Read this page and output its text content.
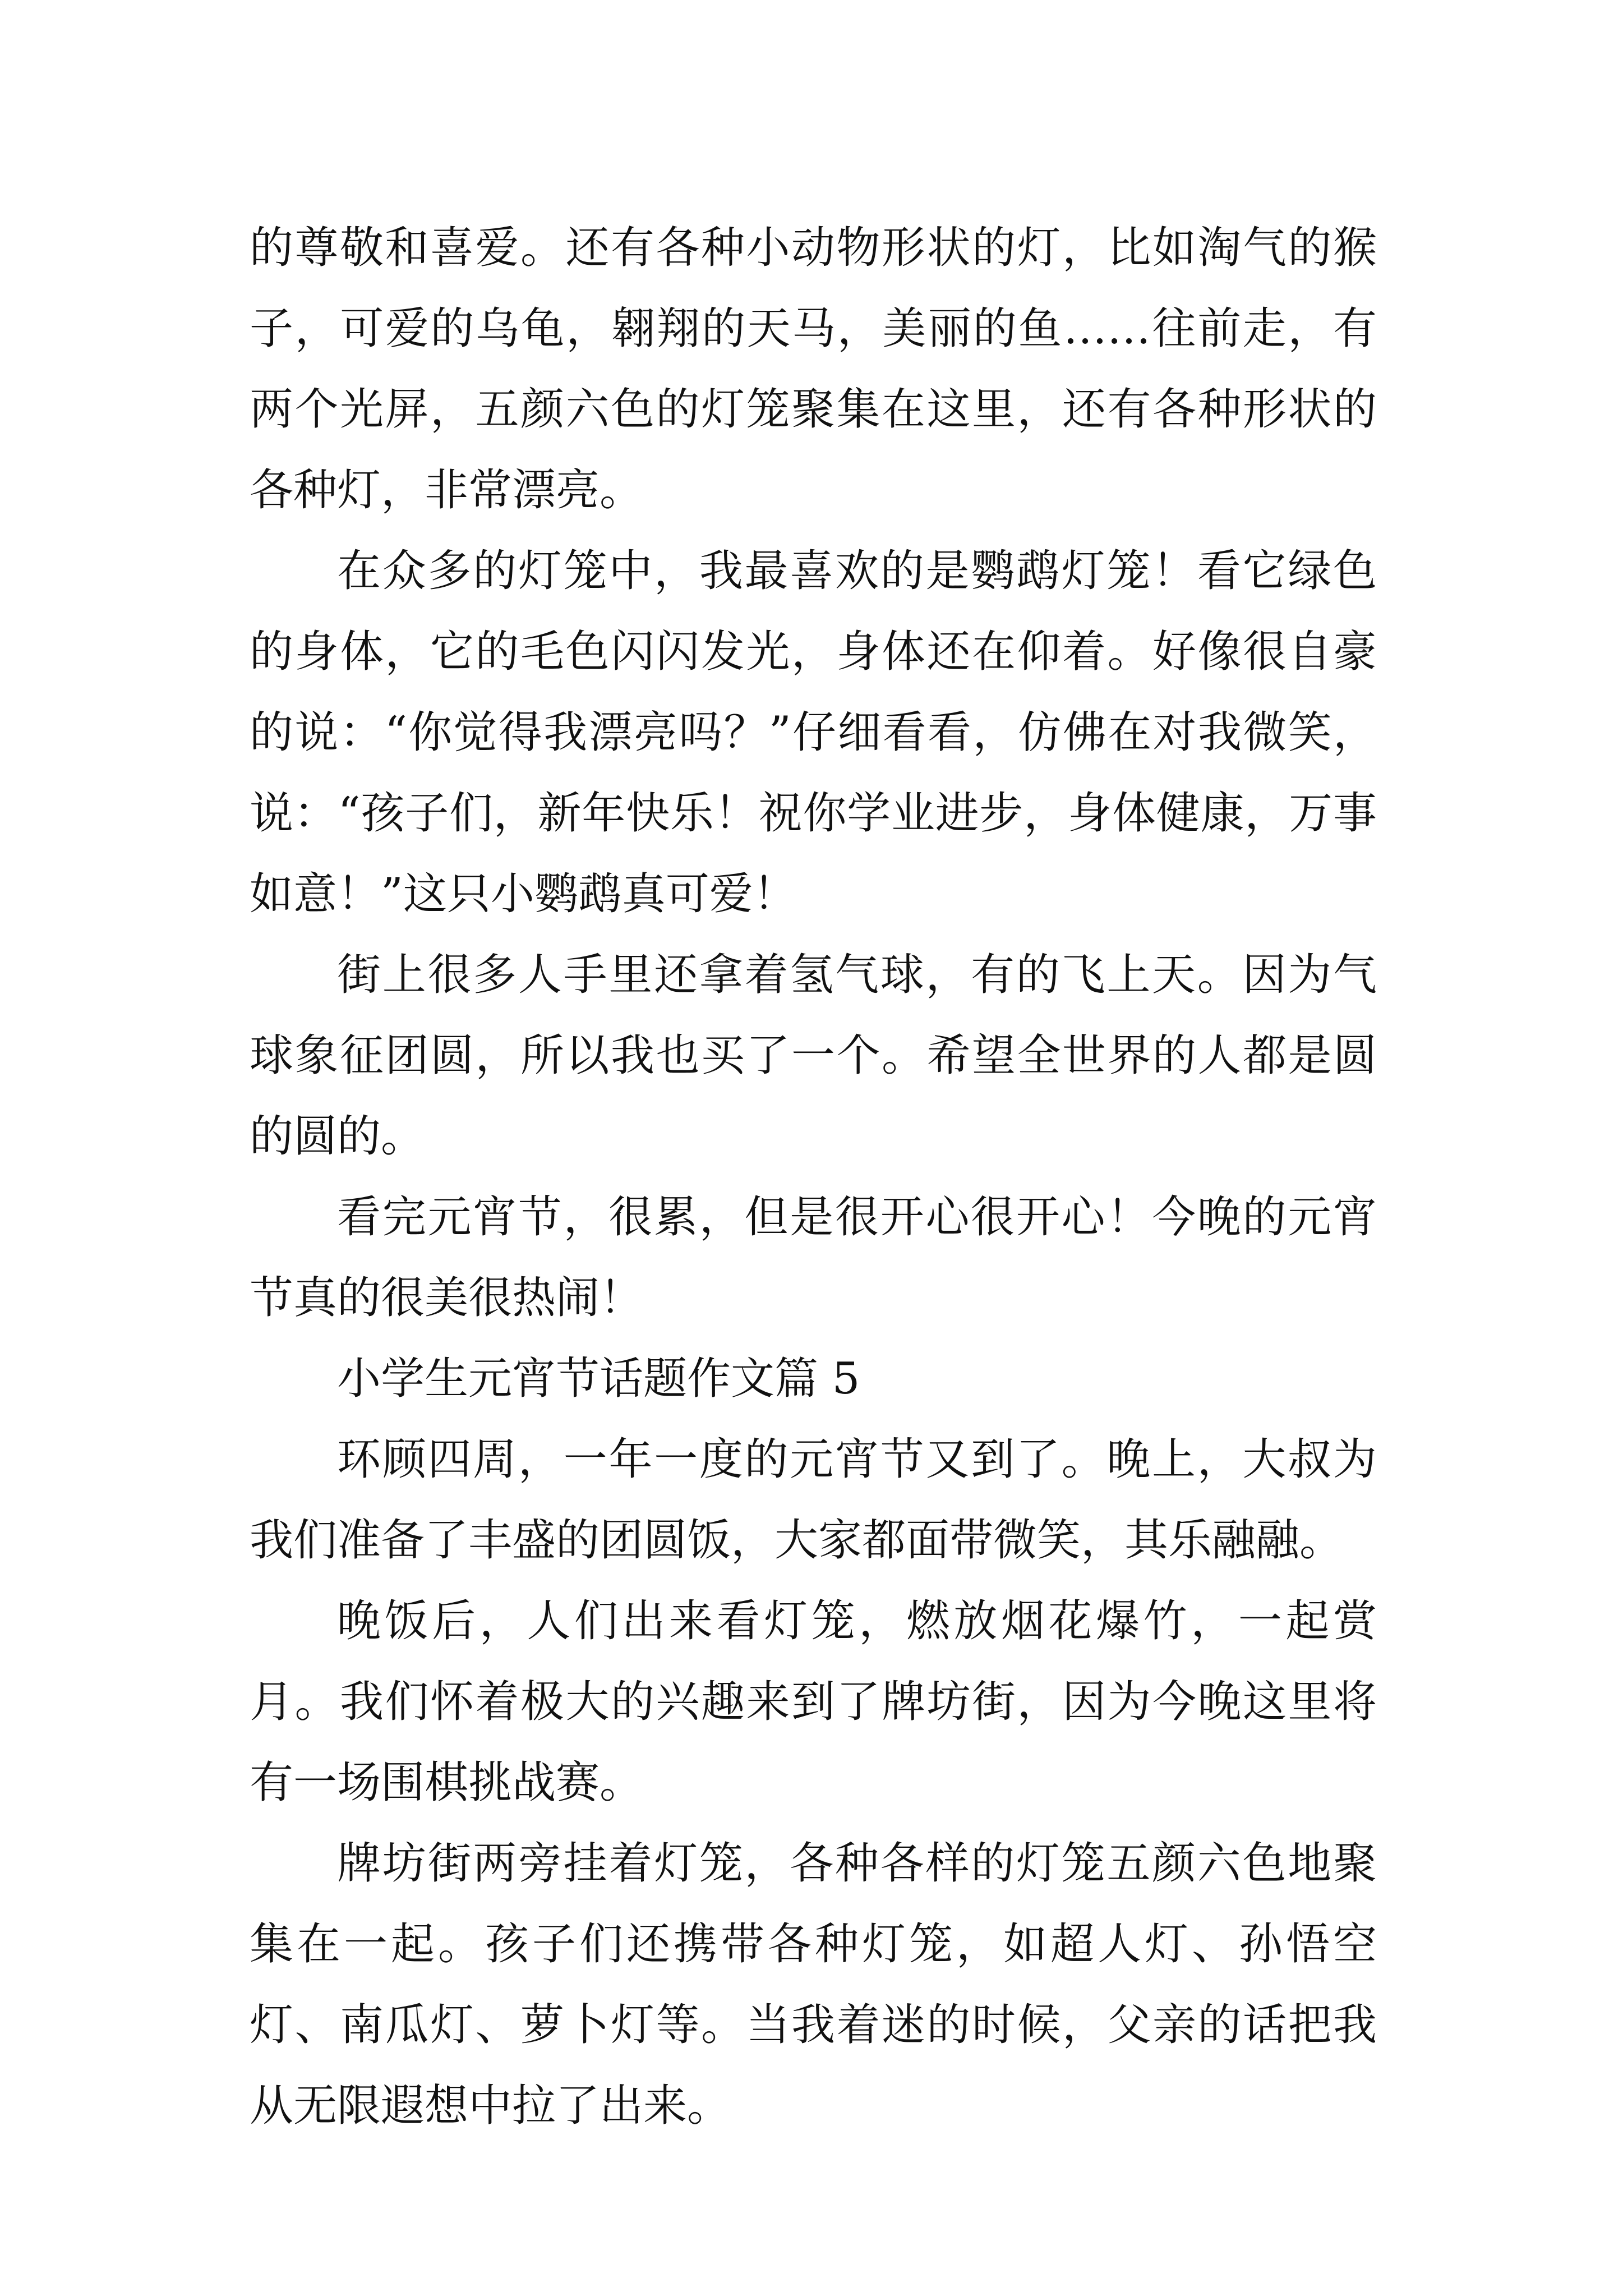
的尊敬和喜爱。还有各种小动物形状的灯，比如淘气的猴子，可爱的乌龟，翱翔的天马，美丽的鱼……往前走，有两个光屏，五颜六色的灯笼聚集在这里，还有各种形状的各种灯，非常漂亮。

在众多的灯笼中，我最喜欢的是鹦鹉灯笼！看它绿色的身体，它的毛色闪闪发光，身体还在仰着。好像很自豪的说：“你觉得我漂亮吗？”仔细看看，仿佛在对我微笑，说：“孩子们，新年快乐！祝你学业进步，身体健康，万事如意！”这只小鹦鹉真可爱！

街上很多人手里还拿着氢气球，有的飞上天。因为气球象征团圆，所以我也买了一个。希望全世界的人都是圆的圆的。

看完元宵节，很累，但是很开心很开心！今晚的元宵节真的很美很热闹！

小学生元宵节话题作文篇 5

环顾四周，一年一度的元宵节又到了。晚上，大叔为我们准备了丰盛的团圆饭，大家都面带微笑，其乐融融。

晚饭后，人们出来看灯笼，燃放烟花爆竹，一起赏月。我们怀着极大的兴趣来到了牌坊街，因为今晚这里将有一场围棋挑战赛。

牌坊街两旁挂着灯笼，各种各样的灯笼五颜六色地聚集在一起。孩子们还携带各种灯笼，如超人灯、孙悟空灯、南瓜灯、萝卜灯等。当我着迷的时候，父亲的话把我从无限遐想中拉了出来。
